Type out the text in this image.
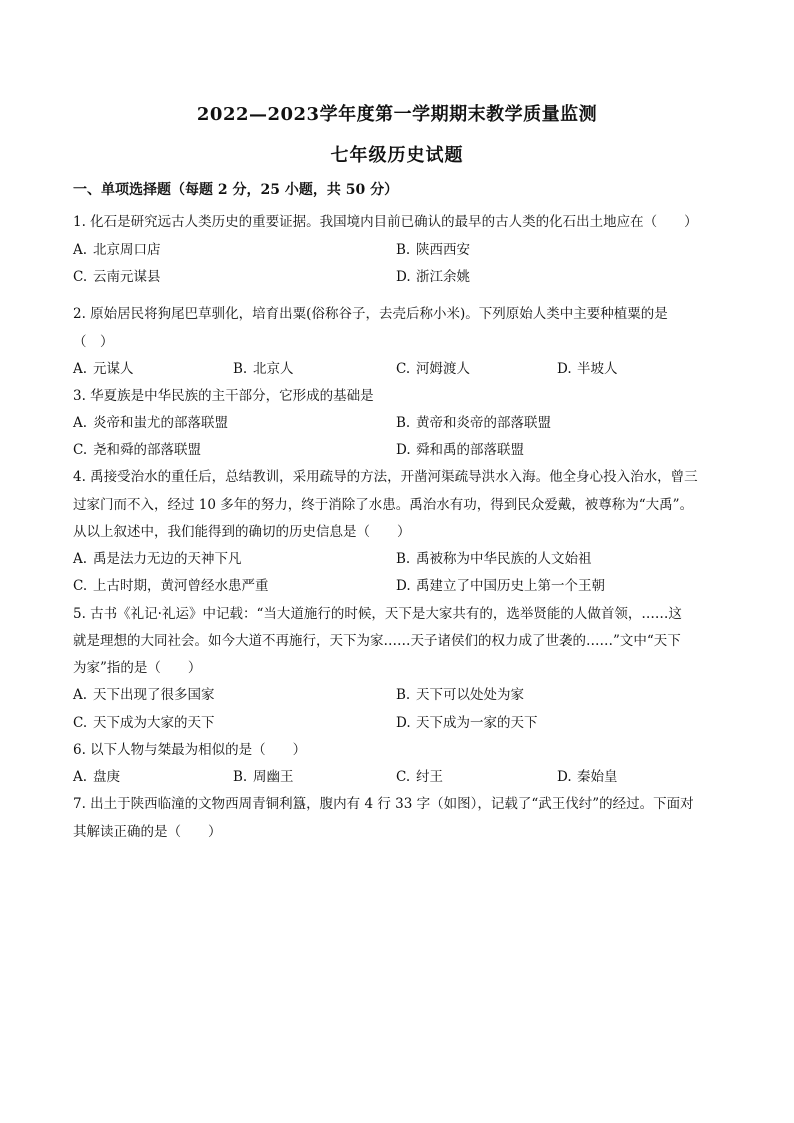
2022—2023学年度第一学期期末教学质量监测
七年级历史试题
一、单项选择题（每题 2 分，25 小题，共 50 分）
1. 化石是研究远古人类历史的重要证据。我国境内目前已确认的最早的古人类的化石出土地应在（　　）
A. 北京周口店	B. 陕西西安
C. 云南元谋县	D. 浙江余姚
2. 原始居民将狗尾巴草驯化，培育出粟(俗称谷子，去壳后称小米)。下列原始人类中主要种植粟的是
（　）
A. 元谋人	B. 北京人	C. 河姆渡人	D. 半坡人
3. 华夏族是中华民族的主干部分，它形成的基础是
A. 炎帝和蚩尤的部落联盟	B. 黄帝和炎帝的部落联盟
C. 尧和舜的部落联盟	D. 舜和禹的部落联盟
4. 禹接受治水的重任后，总结教训，采用疏导的方法，开凿河渠疏导洪水入海。他全身心投入治水，曾三
过家门而不入，经过 10 多年的努力，终于消除了水患。禹治水有功，得到民众爱戴，被尊称为“大禹”。
从以上叙述中，我们能得到的确切的历史信息是（　　）
A. 禹是法力无边的天神下凡	B. 禹被称为中华民族的人文始祖
C. 上古时期，黄河曾经水患严重	D. 禹建立了中国历史上第一个王朝
5. 古书《礼记·礼运》中记载：“当大道施行的时候，天下是大家共有的，选举贤能的人做首领，……这
就是理想的大同社会。如今大道不再施行，天下为家……天子诸侯们的权力成了世袭的……”文中“天下
为家”指的是（　　）
A. 天下出现了很多国家	B. 天下可以处处为家
C. 天下成为大家的天下	D. 天下成为一家的天下
6. 以下人物与桀最为相似的是（　　）
A. 盘庚	B. 周幽王	C. 纣王	D. 秦始皇
7. 出土于陕西临潼的文物西周青铜利簋，腹内有 4 行 33 字（如图），记载了“武王伐纣”的经过。下面对
其解读正确的是（　　）
